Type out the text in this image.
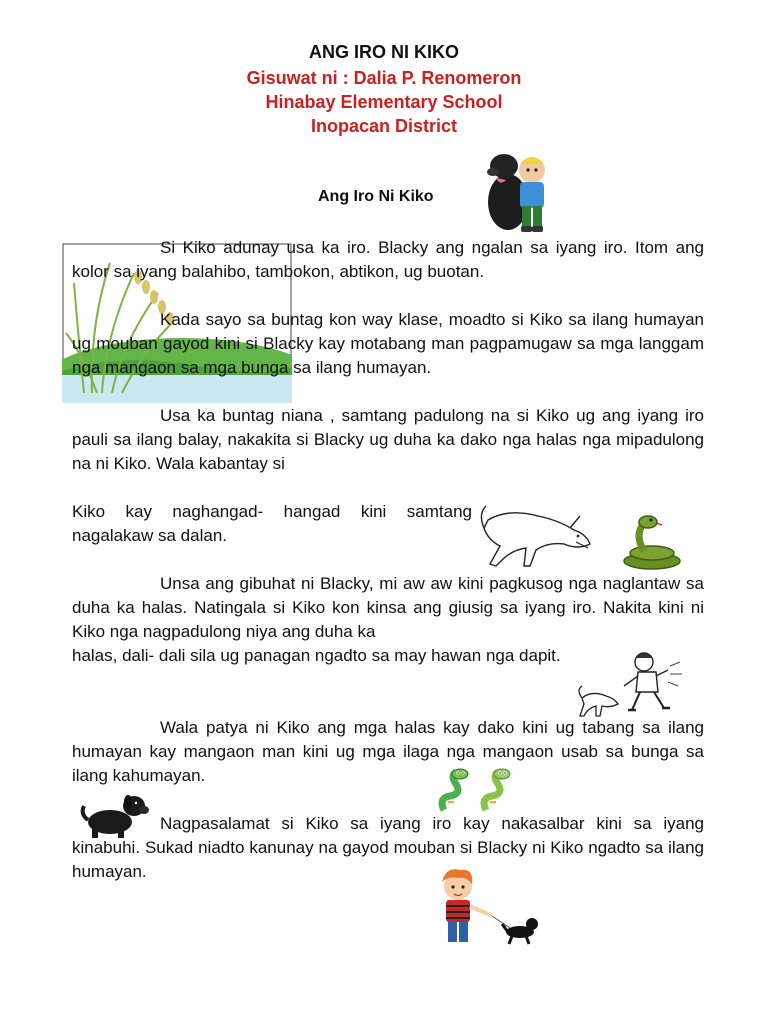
ANG IRO NI KIKO
Gisuwat ni : Dalia P. Renomeron
Hinabay Elementary School
Inopacan District
Ang Iro Ni Kiko

Si Kiko adunay usa ka iro. Blacky ang ngalan sa iyang iro. Itom ang kolor sa iyang balahibo, tambokon, abtikon, ug buotan.

Kada sayo sa buntag kon way klase, moadto si Kiko sa ilang humayan ug mouban gayod kini si Blacky kay motabang man pagpamugaw sa mga langgam nga mangaon sa mga bunga sa ilang humayan.

Usa ka buntag niana , samtang padulong na si Kiko ug ang iyang iro pauli sa ilang balay, nakakita si Blacky ug duha ka dako nga halas nga mipadulong na ni Kiko. Wala kabantay si

Kiko kay naghangad- hangad kini samtang nagalakaw sa dalan.

Unsa ang gibuhat ni Blacky, mi aw aw kini pagkusog nga naglantaw sa duha ka halas. Natingala si Kiko kon kinsa ang giusig sa iyang iro. Nakita kini ni Kiko nga nagpadulong niya ang duha ka

halas, dali- dali sila ug panagan ngadto sa may hawan nga dapit.

Wala patya ni Kiko ang mga halas kay dako kini ug tabang sa ilang humayan kay mangaon man kini ug mga ilaga nga mangaon usab sa bunga sa ilang kahumayan.

Nagpasalamat si Kiko sa iyang iro kay nakasalbar kini sa iyang kinabuhi. Sukad niadto kanunay na gayod mouban si Blacky ni Kiko ngadto sa ilang humayan.
